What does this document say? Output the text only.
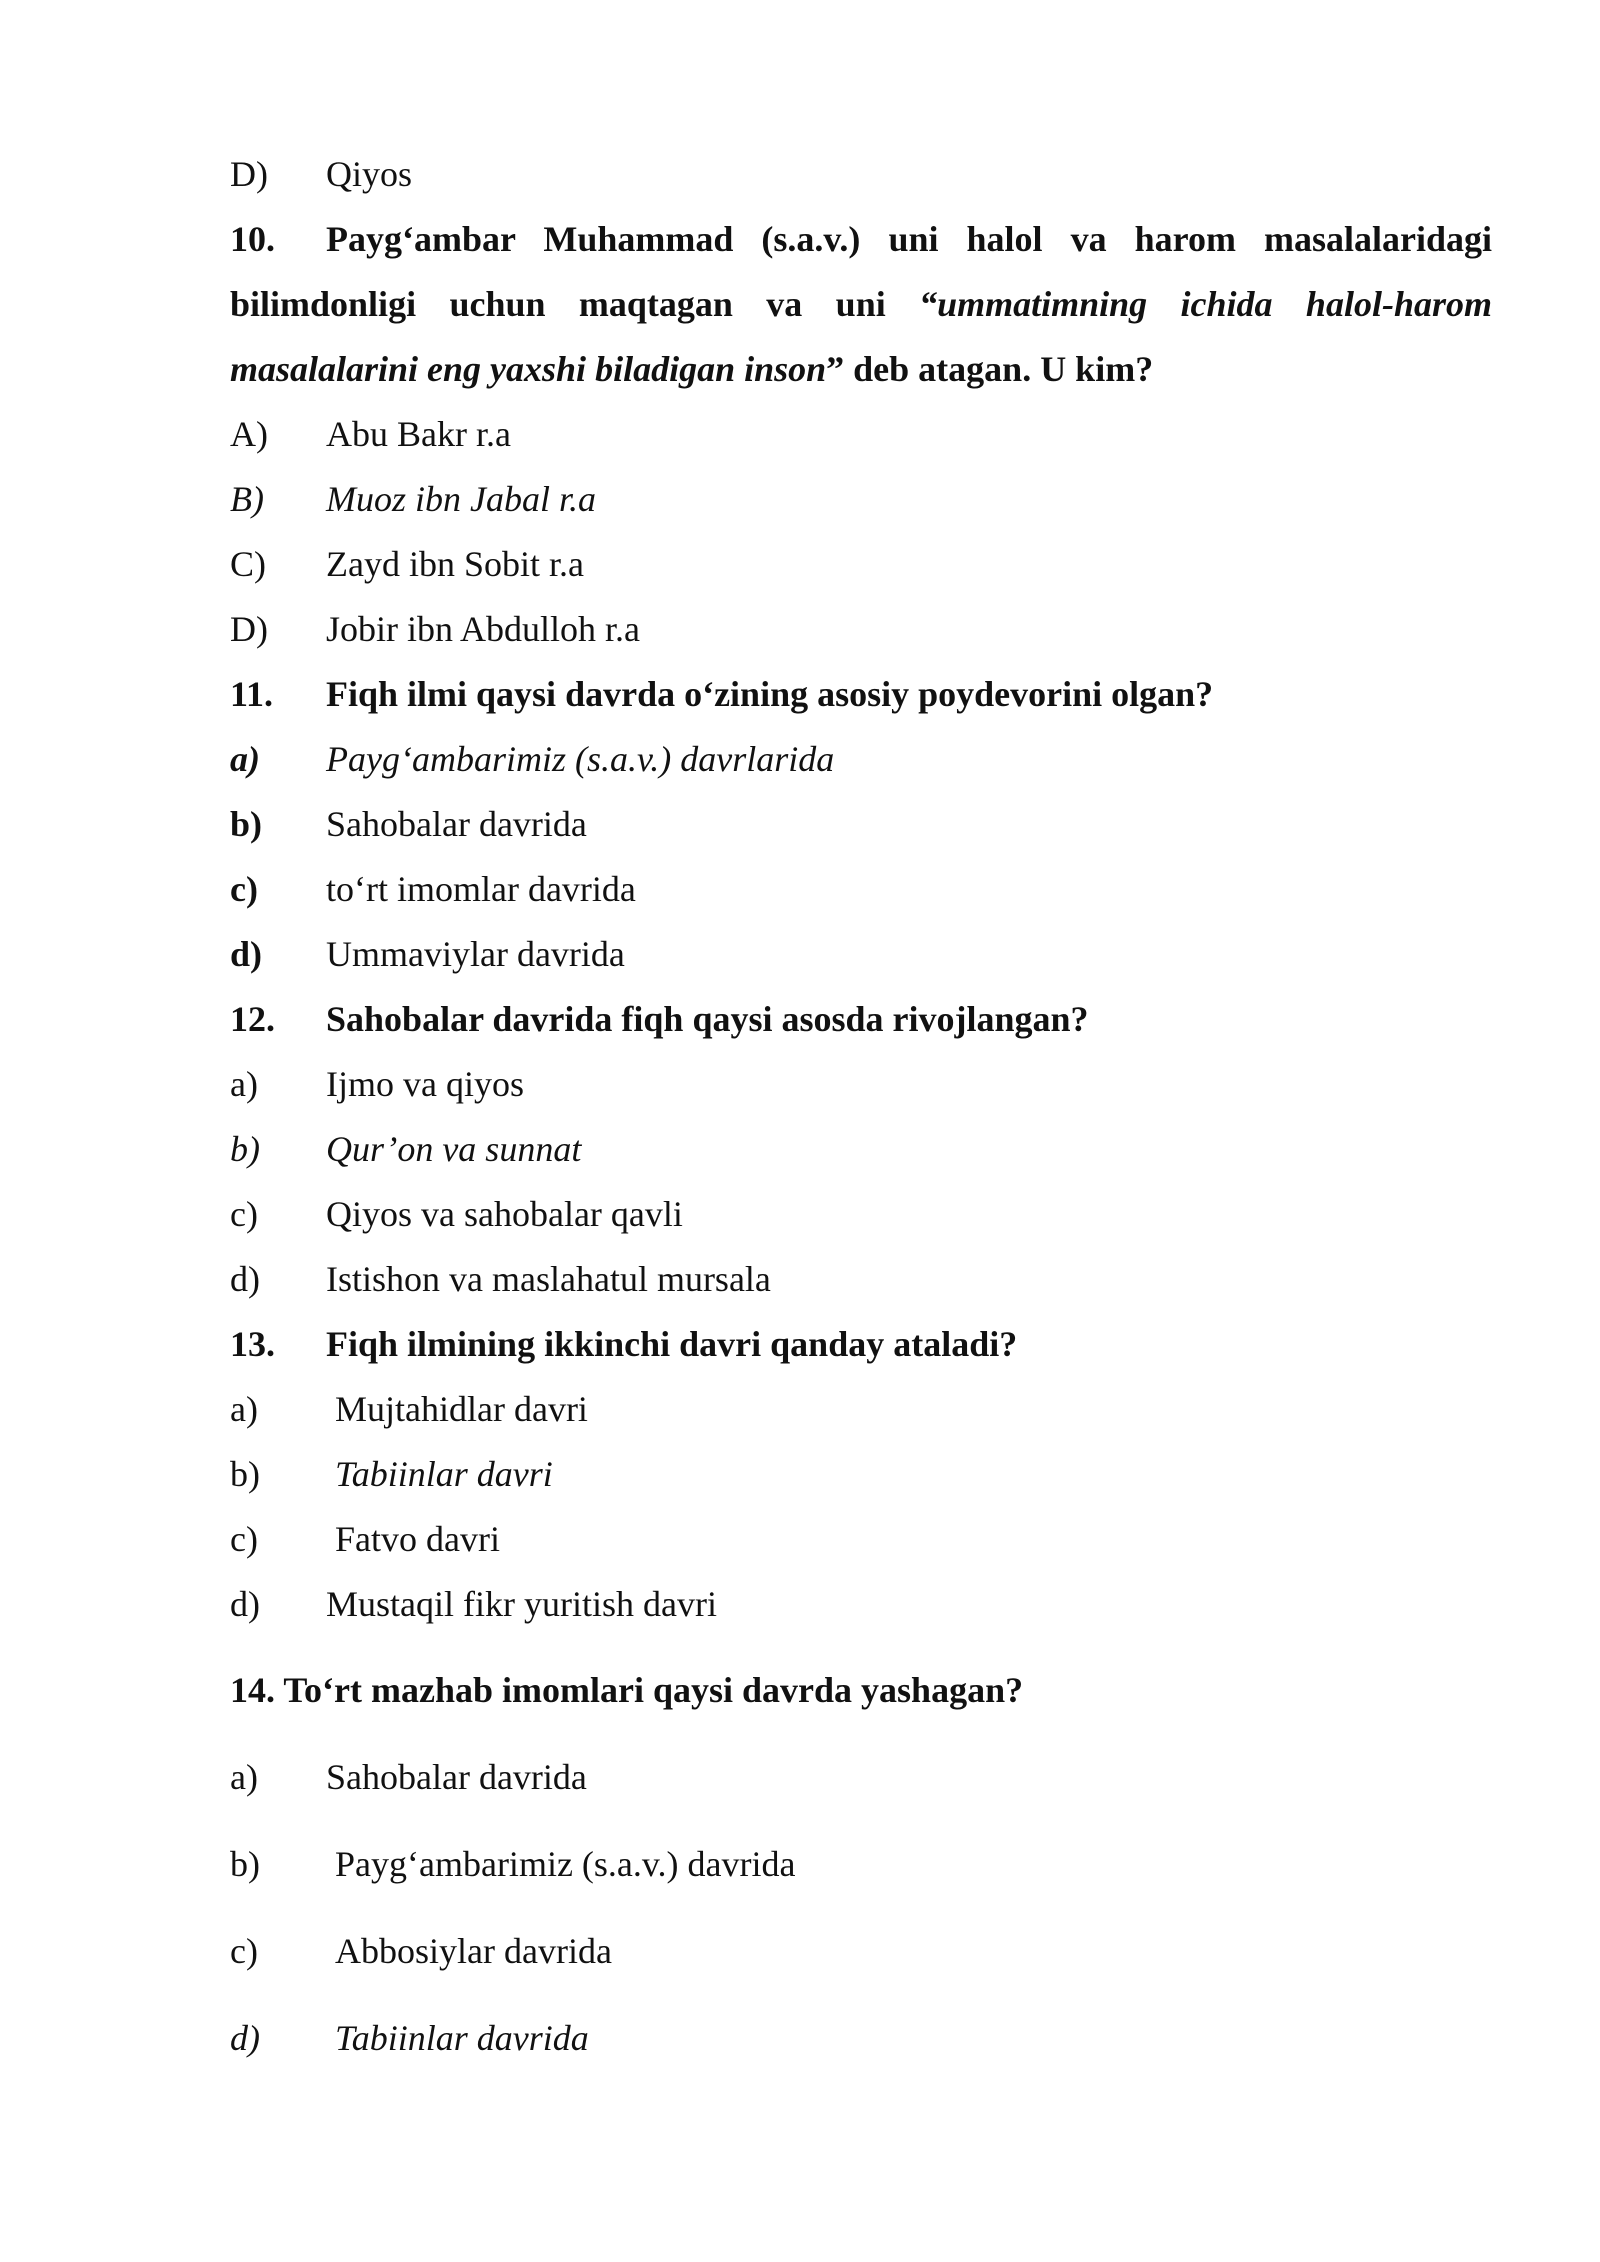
D) Qiyos
10. Payg‘ambar Muhammad (s.a.v.) uni halol va harom masalalaridagi
bilimdonligi uchun maqtagan va uni “ummatimning ichida halol-harom
masalalarini eng yaxshi biladigan inson” deb atagan. U kim?
A) Abu Bakr r.a
B) Muoz ibn Jabal r.a
C) Zayd ibn Sobit r.a
D) Jobir ibn Abdulloh r.a
11. Fiqh ilmi qaysi davrda o‘zining asosiy poydevorini olgan?
a) Payg‘ambarimiz (s.a.v.) davrlarida
b) Sahobalar davrida
c) to‘rt imomlar davrida
d) Ummaviylar davrida
12. Sahobalar davrida fiqh qaysi asosda rivojlangan?
a) Ijmo va qiyos
b) Qur’on va sunnat
c) Qiyos va sahobalar qavli
d) Istishon va maslahatul mursala
13. Fiqh ilmining ikkinchi davri qanday ataladi?
a) Mujtahidlar davri
b) Tabiinlar davri
c) Fatvo davri
d) Mustaqil fikr yuritish davri
14. To‘rt mazhab imomlari qaysi davrda yashagan?
a) Sahobalar davrida
b) Payg‘ambarimiz (s.a.v.) davrida
c) Abbosiylar davrida
d) Tabiinlar davrida
